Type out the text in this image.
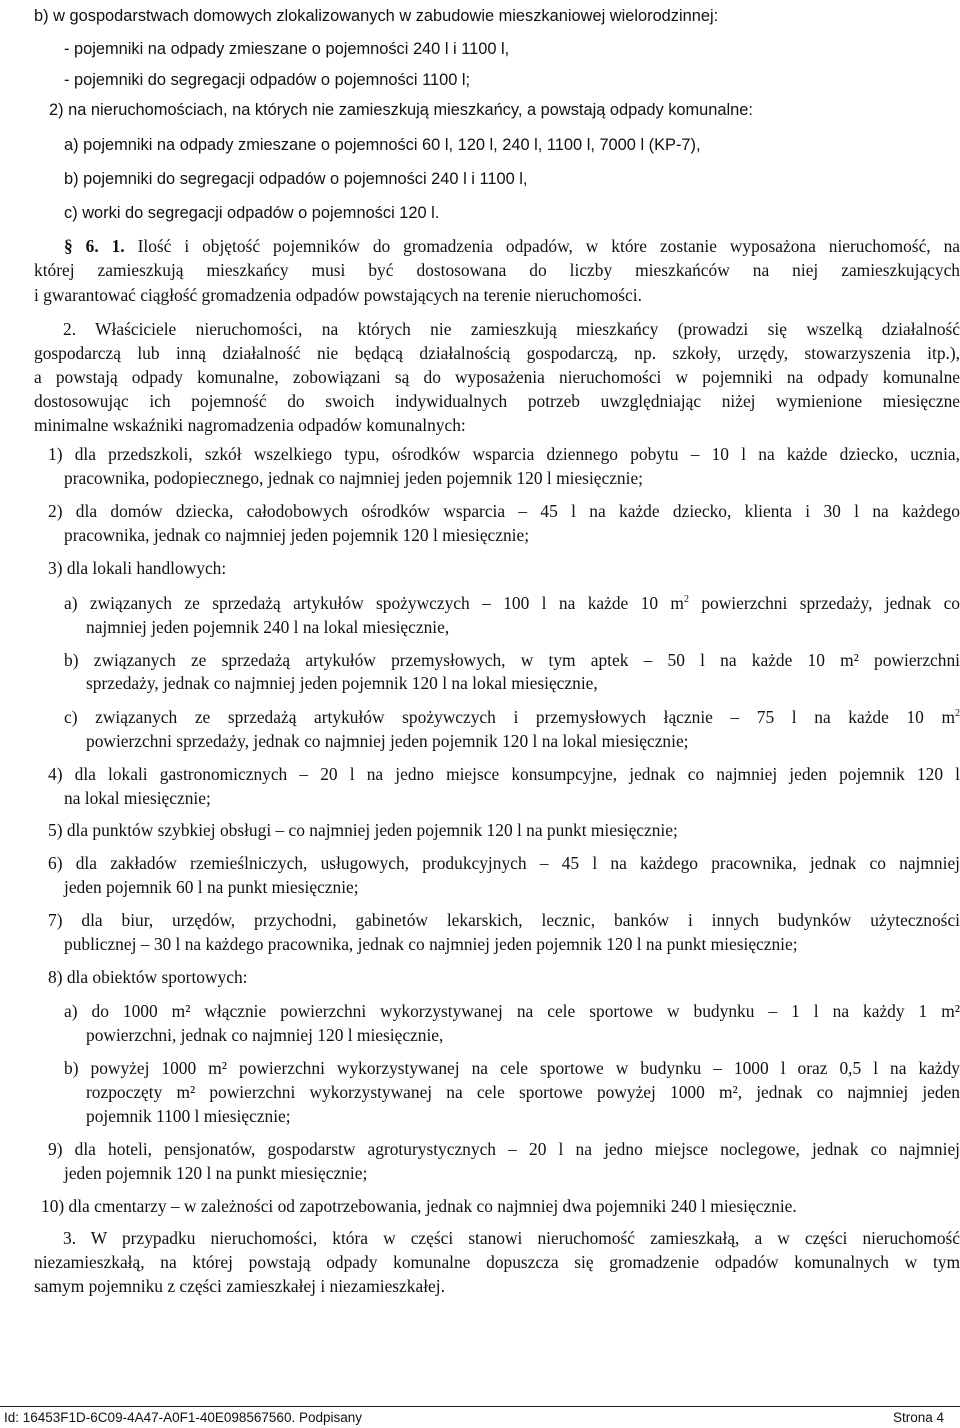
b) w gospodarstwach domowych zlokalizowanych w zabudowie mieszkaniowej wielorodzinnej:
- pojemniki na odpady zmieszane o pojemności 240 l i 1100 l,
- pojemniki do segregacji odpadów o pojemności 1100 l;
2) na nieruchomościach, na których nie zamieszkują mieszkańcy, a powstają odpady komunalne:
a) pojemniki na odpady zmieszane o pojemności 60 l, 120 l, 240 l, 1100 l, 7000 l (KP-7),
b) pojemniki do segregacji odpadów o pojemności 240 l i 1100 l,
c) worki do segregacji odpadów o pojemności 120 l.
§ 6. 1. Ilość i objętość pojemników do gromadzenia odpadów, w które zostanie wyposażona nieruchomość, na
której zamieszkują mieszkańcy musi być dostosowana do liczby mieszkańców na niej zamieszkujących
i gwarantować ciągłość gromadzenia odpadów powstających na terenie nieruchomości.
2. Właściciele nieruchomości, na których nie zamieszkują mieszkańcy (prowadzi się wszelką działalność
gospodarczą lub inną działalność nie będącą działalnością gospodarczą, np. szkoły, urzędy, stowarzyszenia itp.),
a powstają odpady komunalne, zobowiązani są do wyposażenia nieruchomości w pojemniki na odpady komunalne
dostosowując ich pojemność do swoich indywidualnych potrzeb uwzględniając niżej wymienione miesięczne
minimalne wskaźniki nagromadzenia odpadów komunalnych:
1) dla przedszkoli, szkół wszelkiego typu, ośrodków wsparcia dziennego pobytu – 10 l na każde dziecko, ucznia,
pracownika, podopiecznego, jednak co najmniej jeden pojemnik 120 l miesięcznie;
2) dla domów dziecka, całodobowych ośrodków wsparcia – 45 l na każde dziecko, klienta i 30 l na każdego
pracownika, jednak co najmniej jeden pojemnik 120 l miesięcznie;
3) dla lokali handlowych:
a) związanych ze sprzedażą artykułów spożywczych – 100 l na każde 10 $m^2$ powierzchni sprzedaży, jednak co
najmniej jeden pojemnik 240 l na lokal miesięcznie,
b) związanych ze sprzedażą artykułów przemysłowych, w tym aptek – 50 l na każde 10 m² powierzchni
sprzedaży, jednak co najmniej jeden pojemnik 120 l na lokal miesięcznie,
c) związanych ze sprzedażą artykułów spożywczych i przemysłowych łącznie – 75 l na każde 10 $m^2$
powierzchni sprzedaży, jednak co najmniej jeden pojemnik 120 l na lokal miesięcznie;
4) dla lokali gastronomicznych – 20 l na jedno miejsce konsumpcyjne, jednak co najmniej jeden pojemnik 120 l
na lokal miesięcznie;
5) dla punktów szybkiej obsługi – co najmniej jeden pojemnik 120 l na punkt miesięcznie;
6) dla zakładów rzemieślniczych, usługowych, produkcyjnych – 45 l na każdego pracownika, jednak co najmniej
jeden pojemnik 60 l na punkt miesięcznie;
7) dla biur, urzędów, przychodni, gabinetów lekarskich, lecznic, banków i innych budynków użyteczności
publicznej – 30 l na każdego pracownika, jednak co najmniej jeden pojemnik 120 l na punkt miesięcznie;
8) dla obiektów sportowych:
a) do 1000 m² włącznie powierzchni wykorzystywanej na cele sportowe w budynku – 1 l na każdy 1 m²
powierzchni, jednak co najmniej 120 l miesięcznie,
b) powyżej 1000 m² powierzchni wykorzystywanej na cele sportowe w budynku – 1000 l oraz 0,5 l na każdy
rozpoczęty m² powierzchni wykorzystywanej na cele sportowe powyżej 1000 m², jednak co najmniej jeden
pojemnik 1100 l miesięcznie;
9) dla hoteli, pensjonatów, gospodarstw agroturystycznych – 20 l na jedno miejsce noclegowe, jednak co najmniej
jeden pojemnik 120 l na punkt miesięcznie;
10) dla cmentarzy – w zależności od zapotrzebowania, jednak co najmniej dwa pojemniki 240 l miesięcznie.
3. W przypadku nieruchomości, która w części stanowi nieruchomość zamieszkałą, a w części nieruchomość
niezamieszkałą, na której powstają odpady komunalne dopuszcza się gromadzenie odpadów komunalnych w tym
samym pojemniku z części zamieszkałej i niezamieszkałej.
Id: 16453F1D-6C09-4A47-A0F1-40E098567560. Podpisany	Strona 4
